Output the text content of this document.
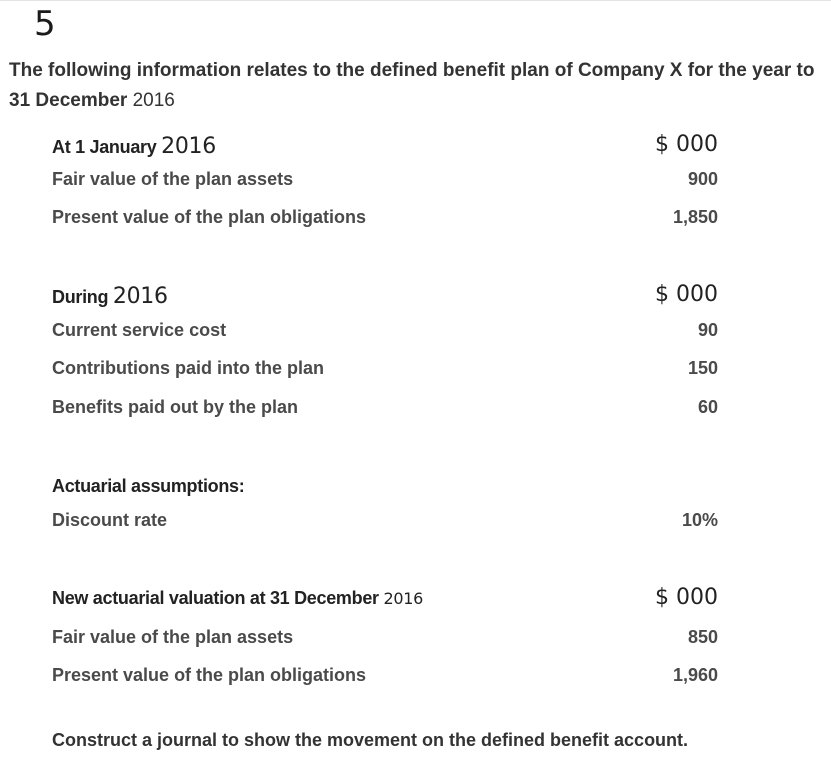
5
The following information relates to the defined benefit plan of Company X for the year to 31 December 2016
At 1 January 2016	$ 000
Fair value of the plan assets	900
Present value of the plan obligations	1,850
During 2016	$ 000
Current service cost	90
Contributions paid into the plan	150
Benefits paid out by the plan	60
Actuarial assumptions:
Discount rate	10%
New actuarial valuation at 31 December 2016	$ 000
Fair value of the plan assets	850
Present value of the plan obligations	1,960
Construct a journal to show the movement on the defined benefit account.
